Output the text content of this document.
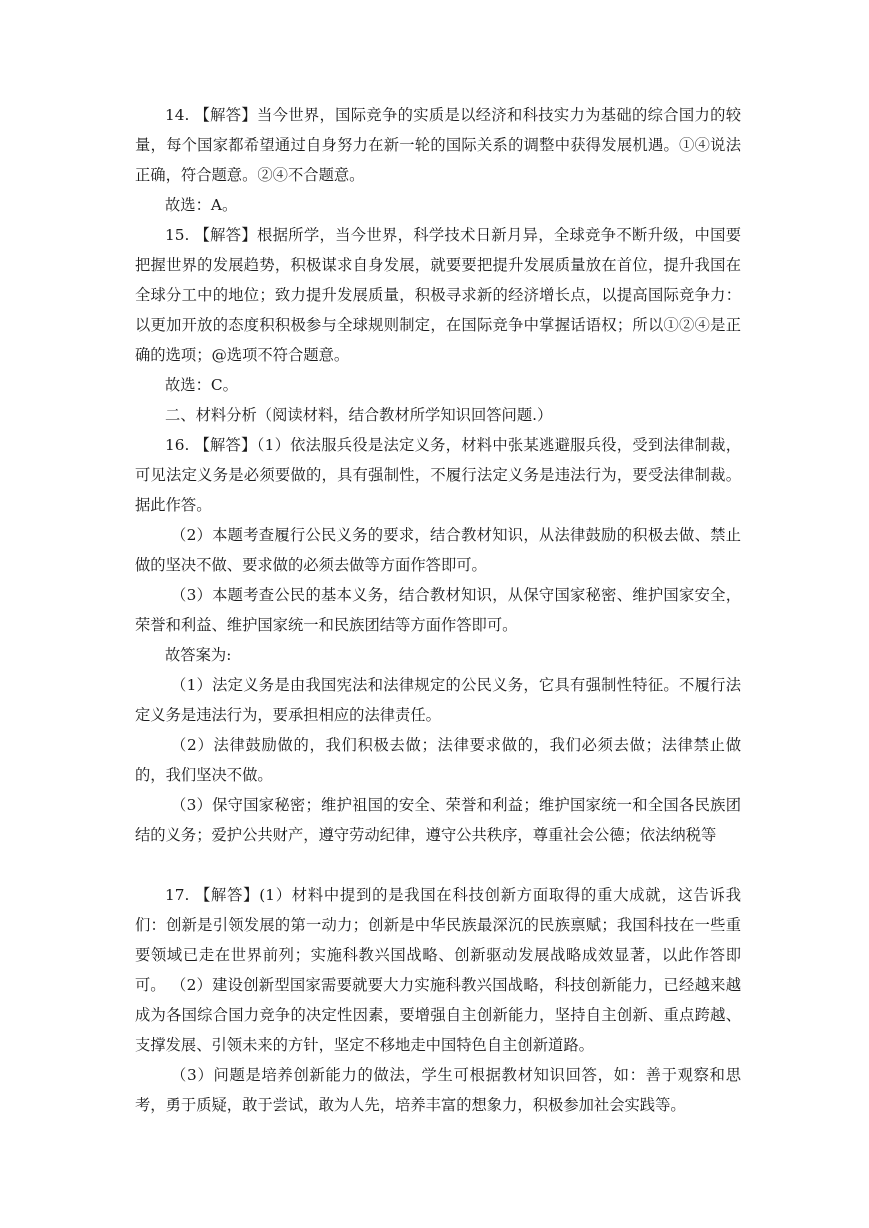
14. 【解答】当今世界，国际竞争的实质是以经济和科技实力为基础的综合国力的较量，每个国家都希望通过自身努力在新一轮的国际关系的调整中获得发展机遇。①④说法正确，符合题意。②④不合题意。
故选：A。
15. 【解答】根据所学，当今世界，科学技术日新月异，全球竞争不断升级，中国要把握世界的发展趋势，积极谋求自身发展，就要要把提升发展质量放在首位，提升我国在全球分工中的地位；致力提升发展质量，积极寻求新的经济增长点，以提高国际竞争力：以更加开放的态度积积极参与全球规则制定，在国际竞争中掌握话语权；所以①②④是正确的选项；@选项不符合题意。
故选：C。
二、材料分析（阅读材料，结合教材所学知识回答问题.）
16. 【解答】（1）依法服兵役是法定义务，材料中张某逃避服兵役，受到法律制裁，可见法定义务是必须要做的，具有强制性，不履行法定义务是违法行为，要受法律制裁。据此作答。
（2）本题考查履行公民义务的要求，结合教材知识，从法律鼓励的积极去做、禁止做的坚决不做、要求做的必须去做等方面作答即可。
（3）本题考查公民的基本义务，结合教材知识，从保守国家秘密、维护国家安全，荣誉和利益、维护国家统一和民族团结等方面作答即可。
故答案为:
（1）法定义务是由我国宪法和法律规定的公民义务，它具有强制性特征。不履行法定义务是违法行为，要承担相应的法律责任。
（2）法律鼓励做的，我们积极去做；法律要求做的，我们必须去做；法律禁止做的，我们坚决不做。
（3）保守国家秘密；维护祖国的安全、荣誉和利益；维护国家统一和全国各民族团结的义务；爱护公共财产，遵守劳动纪律，遵守公共秩序，尊重社会公德；依法纳税等
17. 【解答】(1）材料中提到的是我国在科技创新方面取得的重大成就，这告诉我们：创新是引领发展的第一动力；创新是中华民族最深沉的民族禀赋；我国科技在一些重要领域已走在世界前列；实施科教兴国战略、创新驱动发展战略成效显著，以此作答即可。 （2）建设创新型国家需要就要大力实施科教兴国战略，科技创新能力，已经越来越成为各国综合国力竞争的决定性因素，要增强自主创新能力，坚持自主创新、重点跨越、支撑发展、引领未来的方针，坚定不移地走中国特色自主创新道路。
（3）问题是培养创新能力的做法，学生可根据教材知识回答，如：善于观察和思考，勇于质疑，敢于尝试，敢为人先，培养丰富的想象力，积极参加社会实践等。
